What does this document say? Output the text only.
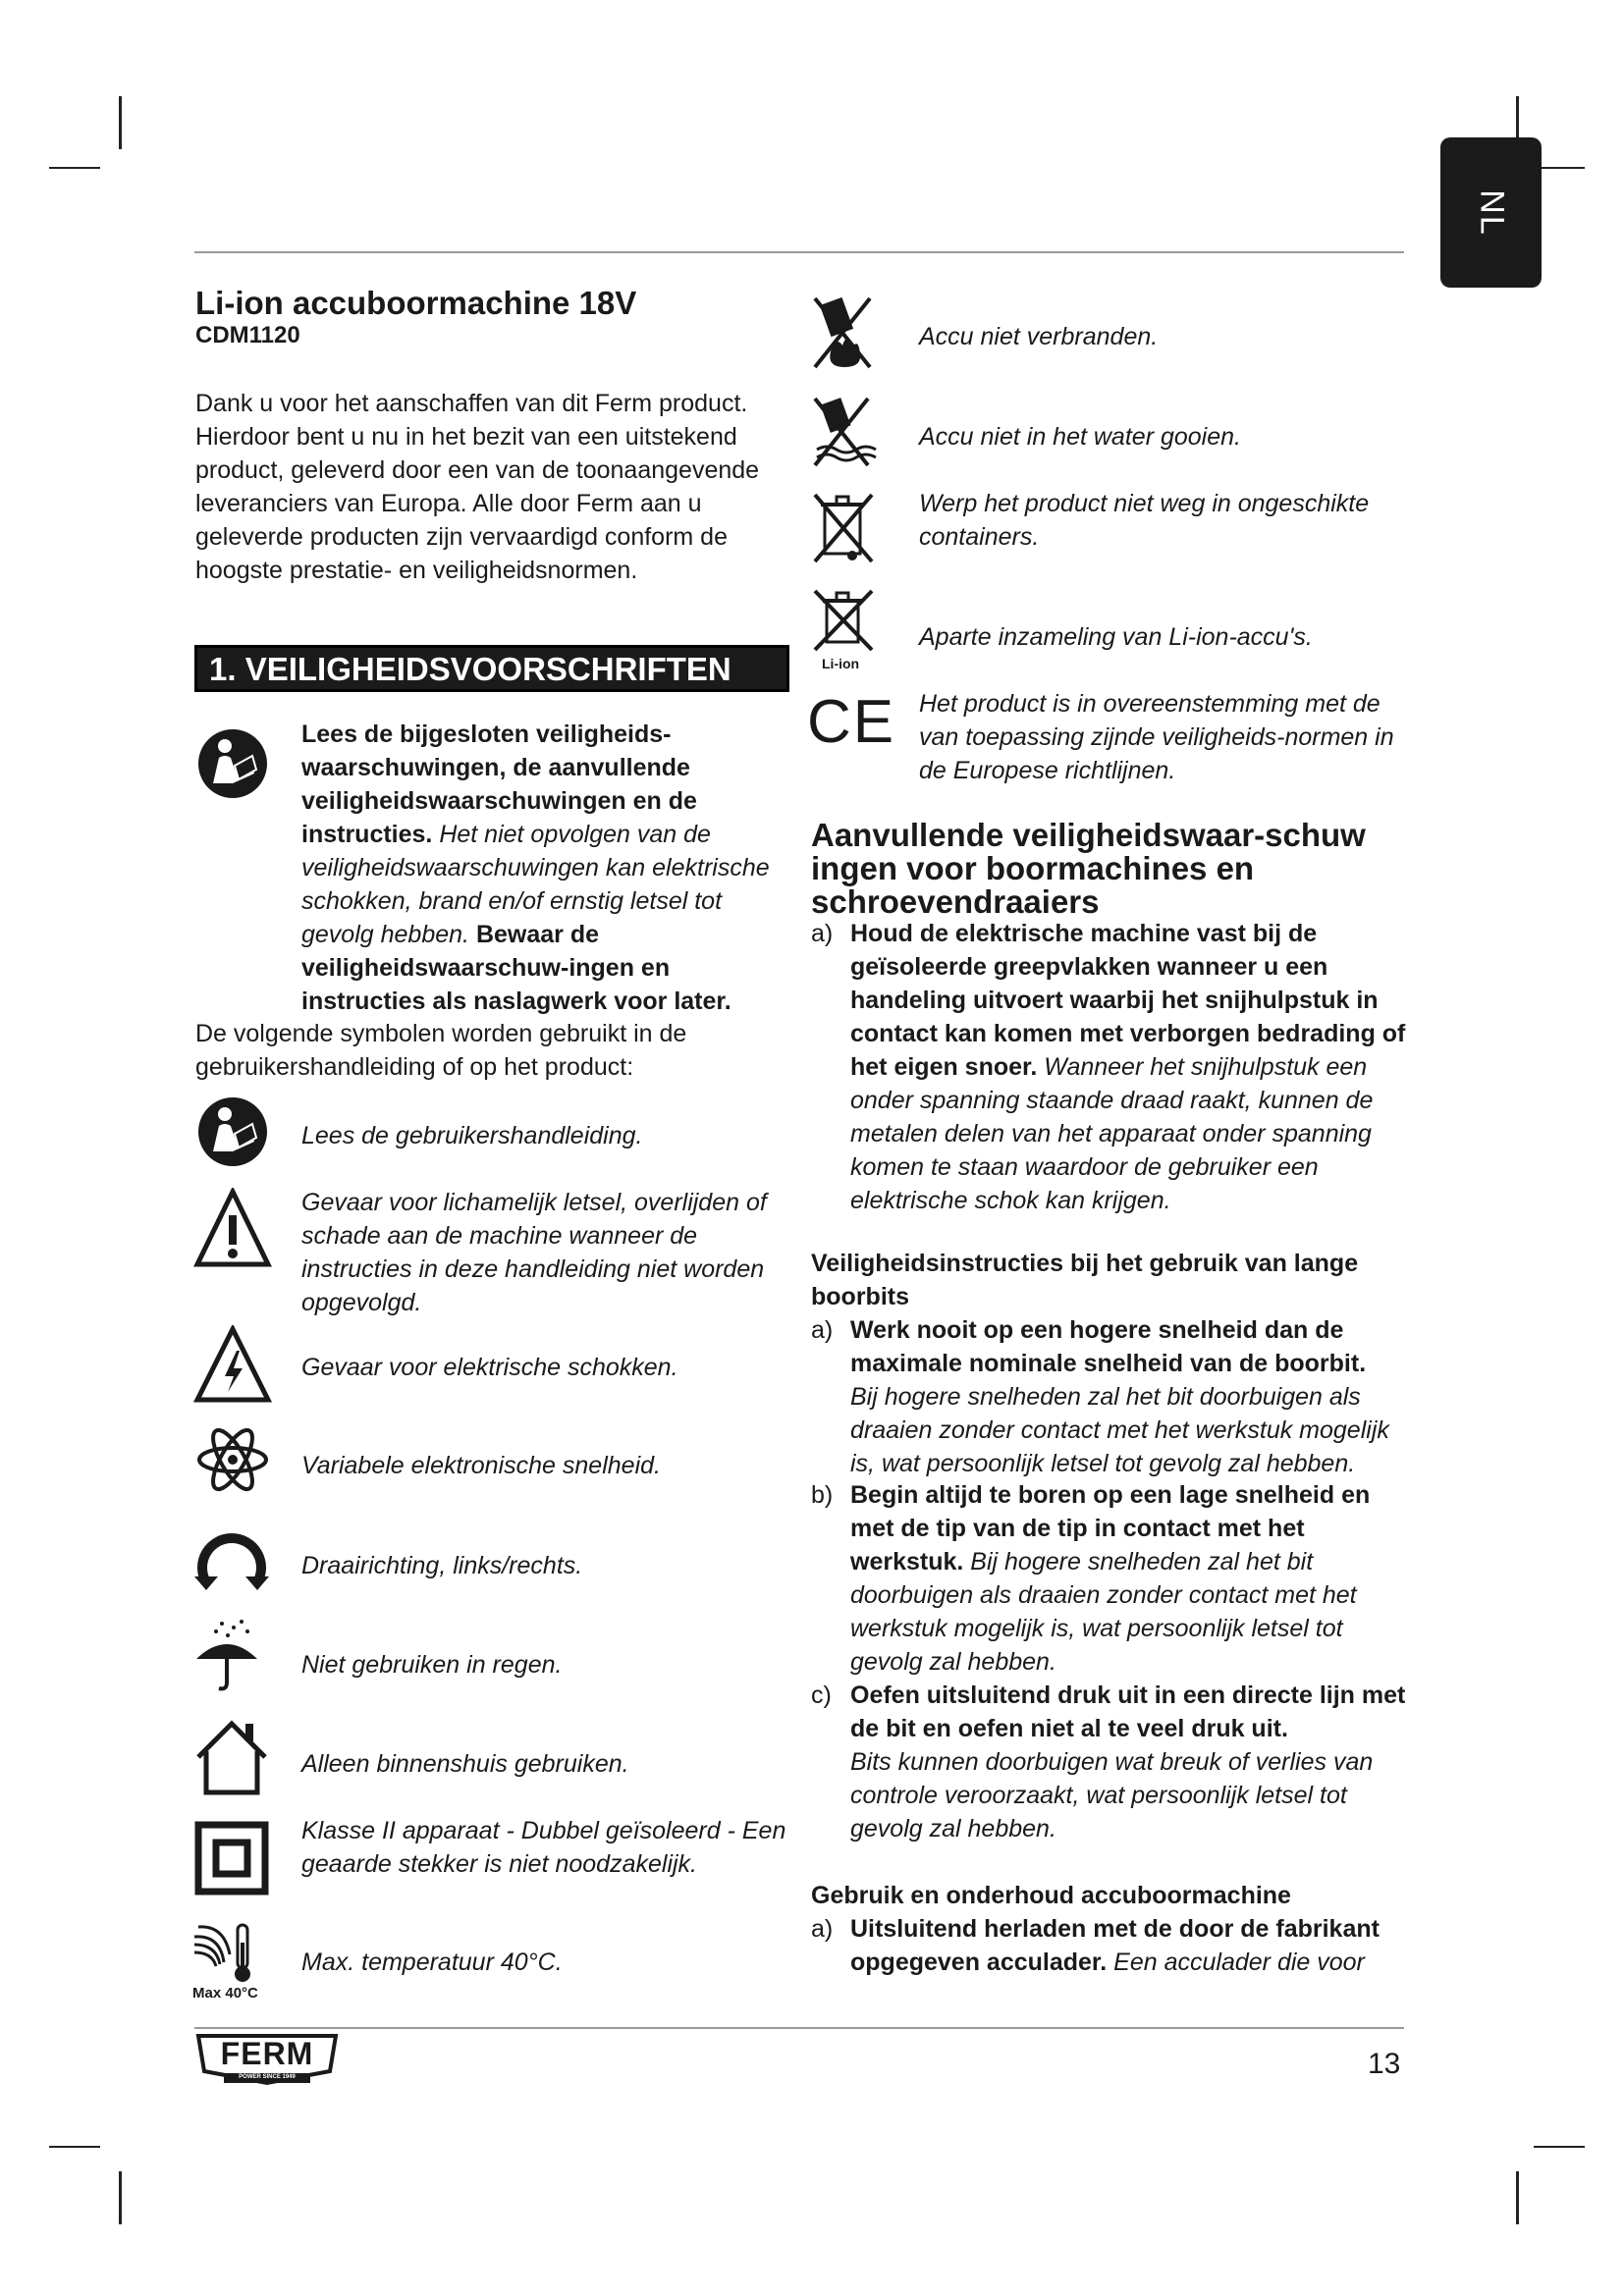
NL
Li-ion accuboormachine 18V
CDM1120
Dank u voor het aanschaffen van dit Ferm product. Hierdoor bent u nu in het bezit van een uitstekend product, geleverd door een van de toonaangevende leveranciers van Europa. Alle door Ferm aan u geleverde producten zijn vervaardigd conform de hoogste prestatie- en veiligheidsnormen.
1. VEILIGHEIDSVOORSCHRIFTEN
Lees de bijgesloten veiligheids-waarschuwingen, de aanvullende veiligheidswaarschuwingen en de instructies. Het niet opvolgen van de veiligheidswaarschuwingen kan elektrische schokken, brand en/of ernstig letsel tot gevolg hebben. Bewaar de veiligheidswaarschuw-ingen en instructies als naslagwerk voor later.
De volgende symbolen worden gebruikt in de gebruikershandleiding of op het product:
Lees de gebruikershandleiding.
Gevaar voor lichamelijk letsel, overlijden of schade aan de machine wanneer de instructies in deze handleiding niet worden opgevolgd.
Gevaar voor elektrische schokken.
Variabele elektronische snelheid.
Draairichting, links/rechts.
Niet gebruiken in regen.
Alleen binnenshuis gebruiken.
Klasse II apparaat - Dubbel geïsoleerd - Een geaarde stekker is niet noodzakelijk.
Max 40°C
Max. temperatuur 40°C.
Accu niet verbranden.
Accu niet in het water gooien.
Werp het product niet weg in ongeschikte containers.
Li-ion
Aparte inzameling van Li-ion-accu's.
CE Het product is in overeenstemming met de van toepassing zijnde veiligheids-normen in de Europese richtlijnen.
Aanvullende veiligheidswaar-schuw ingen voor boormachines en schroevendraaiers
a) Houd de elektrische machine vast bij de geïsoleerde greepvlakken wanneer u een handeling uitvoert waarbij het snijhulpstuk in contact kan komen met verborgen bedrading of het eigen snoer. Wanneer het snijhulpstuk een onder spanning staande draad raakt, kunnen de metalen delen van het apparaat onder spanning komen te staan waardoor de gebruiker een elektrische schok kan krijgen.
Veiligheidsinstructies bij het gebruik van lange boorbits
a) Werk nooit op een hogere snelheid dan de maximale nominale snelheid van de boorbit.
Bij hogere snelheden zal het bit doorbuigen als draaien zonder contact met het werkstuk mogelijk is, wat persoonlijk letsel tot gevolg zal hebben.
b) Begin altijd te boren op een lage snelheid en met de tip van de tip in contact met het werkstuk. Bij hogere snelheden zal het bit doorbuigen als draaien zonder contact met het werkstuk mogelijk is, wat persoonlijk letsel tot gevolg zal hebben.
c) Oefen uitsluitend druk uit in een directe lijn met de bit en oefen niet al te veel druk uit.
Bits kunnen doorbuigen wat breuk of verlies van controle veroorzaakt, wat persoonlijk letsel tot gevolg zal hebben.
Gebruik en onderhoud accuboormachine
a) Uitsluitend herladen met de door de fabrikant opgegeven acculader. Een acculader die voor
FERM
POWER SINCE 1949	13
